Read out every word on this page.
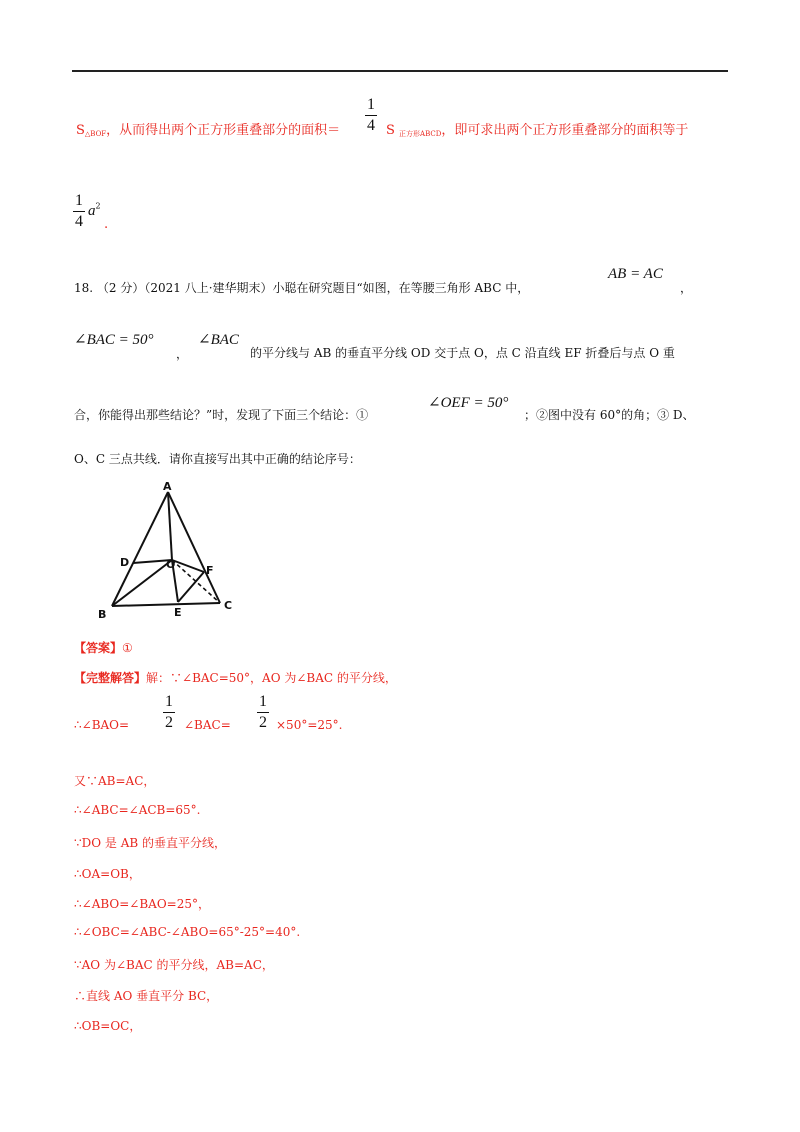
$S_{\triangle BOF}$，从而得出两个正方形重叠部分的面积＝
1
4 S $_{正方形ABCD}$，即可求出两个正方形重叠部分的面积等于
1
4
$a^2$
.
18. （2 分）（2021 八上·建华期末）小聪在研究题目“如图，在等腰三角形 ABC 中，
AB = AC
，
∠BAC = 50°
，
∠BAC
的平分线与 AB 的垂直平分线 OD 交于点 O，点 C 沿直线 EF 折叠后与点 O 重
合，你能得出那些结论？”时，发现了下面三个结论：①
∠OEF = 50°
；②图中没有 60°的角；③ D、
O、C 三点共线．请你直接写出其中正确的结论序号：
A
B
C
D
E
F
O
【答案】①
【完整解答】解：∵∠BAC=50°，AO 为∠BAC 的平分线，
∴∠BAO=
1
2 ∠BAC=
1
2 ×50°=25°.
又∵AB=AC，
∴∠ABC=∠ACB=65°.
∵DO 是 AB 的垂直平分线，
∴OA=OB，
∴∠ABO=∠BAO=25°，
∴∠OBC=∠ABC-∠ABO=65°-25°=40°.
∵AO 为∠BAC 的平分线，AB=AC，
∴直线 AO 垂直平分 BC，
∴OB=OC，
